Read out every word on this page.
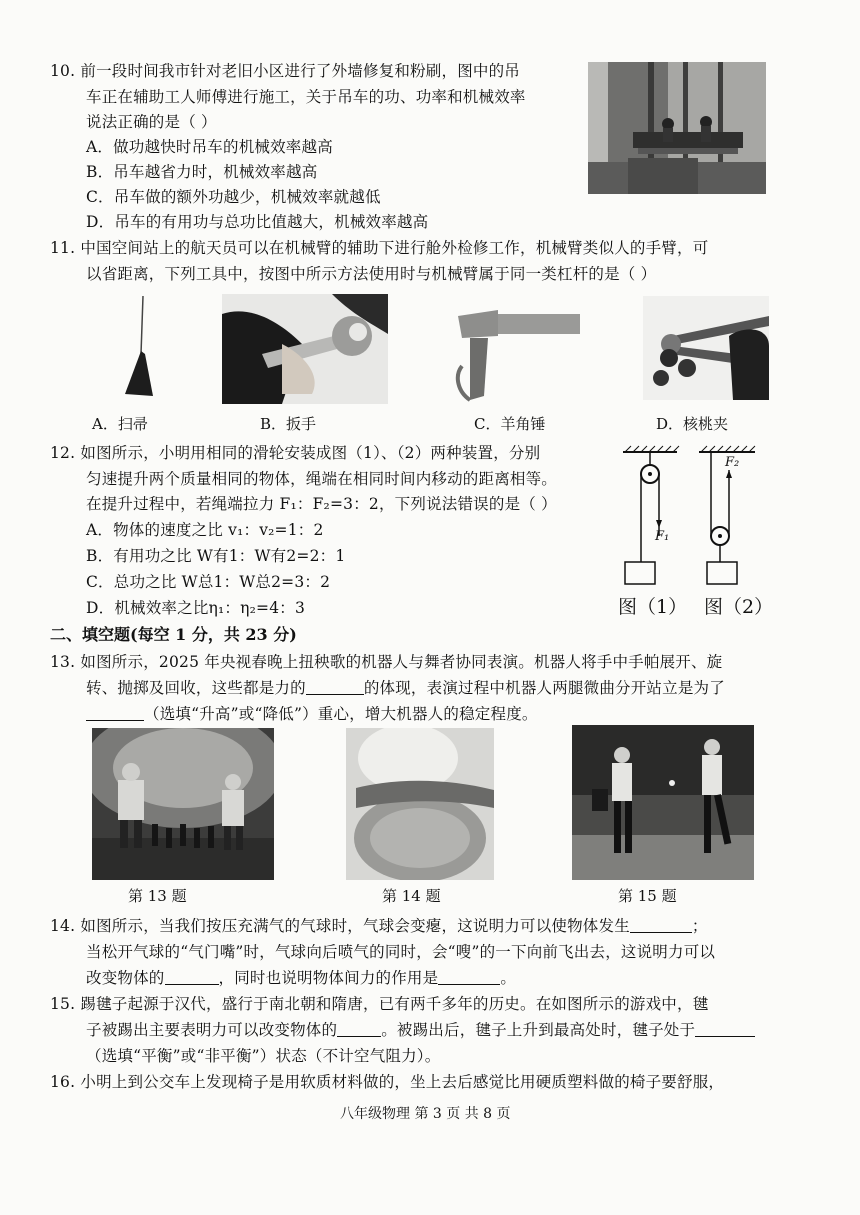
10. 前一段时间我市针对老旧小区进行了外墙修复和粉刷，图中的吊
车正在辅助工人师傅进行施工，关于吊车的功、功率和机械效率
说法正确的是（ ）
A．做功越快时吊车的机械效率越高
B．吊车越省力时，机械效率越高
C．吊车做的额外功越少，机械效率就越低
D．吊车的有用功与总功比值越大，机械效率越高
11. 中国空间站上的航天员可以在机械臂的辅助下进行舱外检修工作，机械臂类似人的手臂，可
以省距离，下列工具中，按图中所示方法使用时与机械臂属于同一类杠杆的是（ ）
A．扫帚	B．扳手	C．羊角锤	D．核桃夹
12. 如图所示，小明用相同的滑轮安装成图（1）、（2）两种装置，分别
匀速提升两个质量相同的物体，绳端在相同时间内移动的距离相等。
在提升过程中，若绳端拉力 F₁：F₂=3：2，下列说法错误的是（ ）
A．物体的速度之比 v₁：v₂=1：2
B．有用功之比 W有1：W有2=2：1
C．总功之比 W总1：W总2=3：2
D．机械效率之比η₁：η₂=4：3
F₁
F₂
图（1） 图（2）
二、填空题(每空 1 分，共 23 分)
13. 如图所示，2025 年央视春晚上扭秧歌的机器人与舞者协同表演。机器人将手中手帕展开、旋
转、抛掷及回收，这些都是力的	的体现，表演过程中机器人两腿微曲分开站立是为了
（选填“升高”或“降低”）重心，增大机器人的稳定程度。
第 13 题	第 14 题	第 15 题
14. 如图所示，当我们按压充满气的气球时，气球会变瘪，这说明力可以使物体发生	；
当松开气球的“气门嘴”时，气球向后喷气的同时，会“嗖”的一下向前飞出去，这说明力可以
改变物体的	，同时也说明物体间力的作用是	。
15. 踢毽子起源于汉代，盛行于南北朝和隋唐，已有两千多年的历史。在如图所示的游戏中，毽
子被踢出主要表明力可以改变物体的	。被踢出后，毽子上升到最高处时，毽子处于
（选填“平衡”或“非平衡”）状态（不计空气阻力）。
16. 小明上到公交车上发现椅子是用软质材料做的，坐上去后感觉比用硬质塑料做的椅子要舒服，
八年级物理 第 3 页 共 8 页
